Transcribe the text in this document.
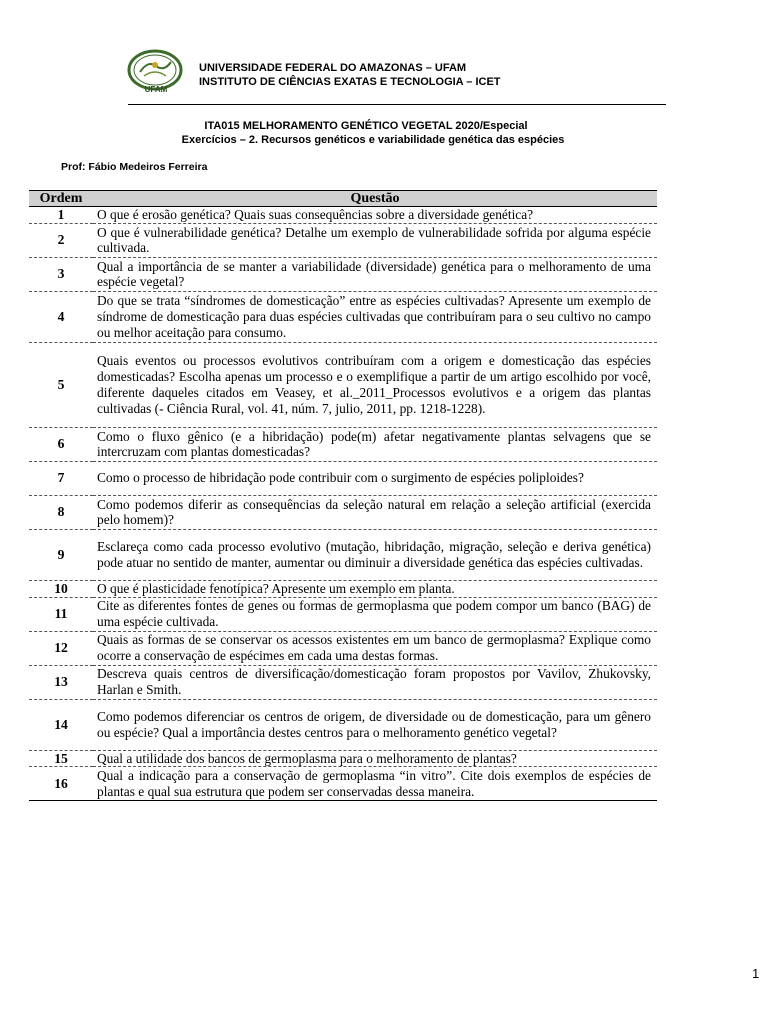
UFAM
UNIVERSIDADE FEDERAL DO AMAZONAS – UFAM
INSTITUTO DE CIÊNCIAS EXATAS E TECNOLOGIA – ICET
ITA015 MELHORAMENTO GENÉTICO VEGETAL 2020/Especial
Exercícios – 2. Recursos genéticos e variabilidade genética das espécies
Prof: Fábio Medeiros Ferreira
Ordem	Questão
1	O que é erosão genética? Quais suas consequências sobre a diversidade genética?
2	O que é vulnerabilidade genética? Detalhe um exemplo de vulnerabilidade sofrida por alguma espécie cultivada.
3	Qual a importância de se manter a variabilidade (diversidade) genética para o melhoramento de uma espécie vegetal?
4	Do que se trata “síndromes de domesticação” entre as espécies cultivadas? Apresente um exemplo de síndrome de domesticação para duas espécies cultivadas que contribuíram para o seu cultivo no campo ou melhor aceitação para consumo.
5	Quais eventos ou processos evolutivos contribuíram com a origem e domesticação das espécies domesticadas? Escolha apenas um processo e o exemplifique a partir de um artigo escolhido por você, diferente daqueles citados em Veasey, et al._2011_Processos evolutivos e a origem das plantas cultivadas (- Ciência Rural, vol. 41, núm. 7, julio, 2011, pp. 1218-1228).
6	Como o fluxo gênico (e a hibridação) pode(m) afetar negativamente plantas selvagens que se intercruzam com plantas domesticadas?
7	Como o processo de hibridação pode contribuir com o surgimento de espécies poliploides?
8	Como podemos diferir as consequências da seleção natural em relação a seleção artificial (exercida pelo homem)?
9	Esclareça como cada processo evolutivo (mutação, hibridação, migração, seleção e deriva genética) pode atuar no sentido de manter, aumentar ou diminuir a diversidade genética das espécies cultivadas.
10	O que é plasticidade fenotípica? Apresente um exemplo em planta.
11	Cite as diferentes fontes de genes ou formas de germoplasma que podem compor um banco (BAG) de uma espécie cultivada.
12	Quais as formas de se conservar os acessos existentes em um banco de germoplasma? Explique como ocorre a conservação de espécimes em cada uma destas formas.
13	Descreva quais centros de diversificação/domesticação foram propostos por Vavilov, Zhukovsky, Harlan e Smith.
14	Como podemos diferenciar os centros de origem, de diversidade ou de domesticação, para um gênero ou espécie? Qual a importância destes centros para o melhoramento genético vegetal?
15	Qual a utilidade dos bancos de germoplasma para o melhoramento de plantas?
16	Qual a indicação para a conservação de germoplasma “in vitro”. Cite dois exemplos de espécies de plantas e qual sua estrutura que podem ser conservadas dessa maneira.
1
